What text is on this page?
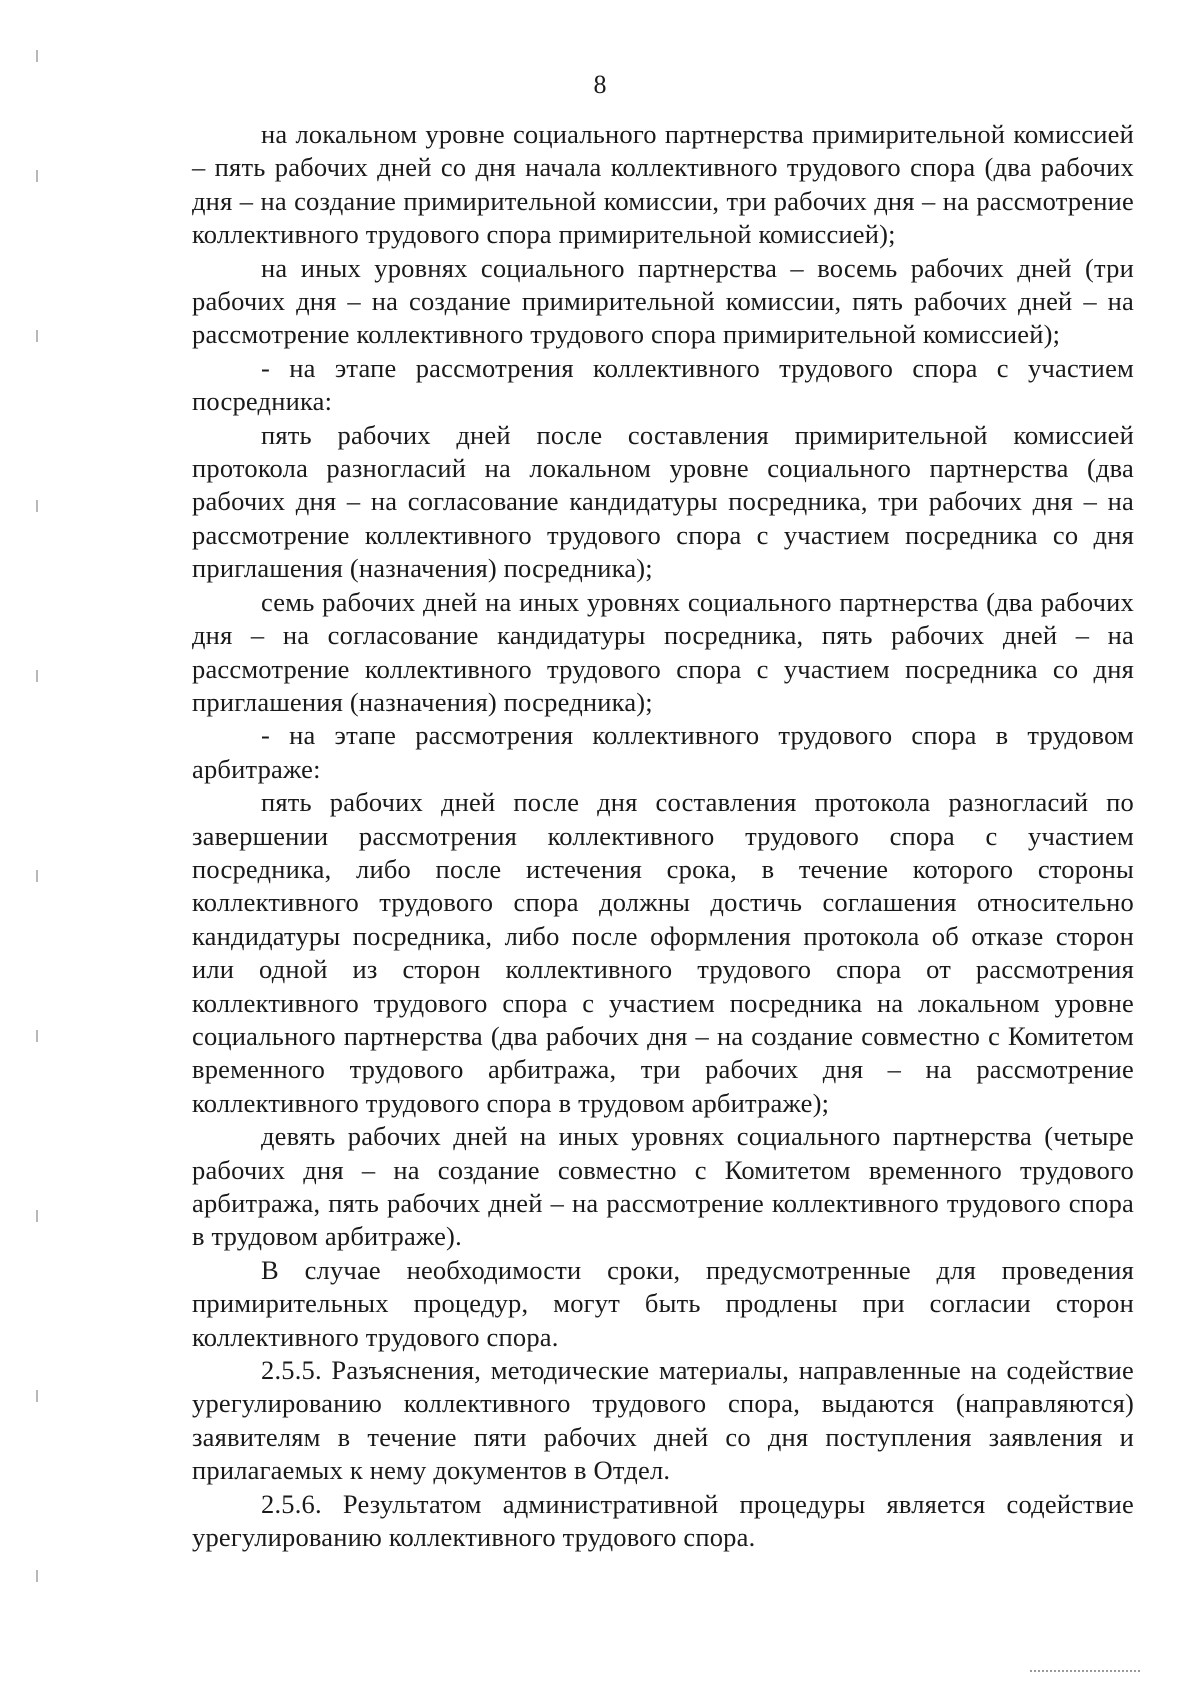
8

на локальном уровне социального партнерства примирительной комиссией – пять рабочих дней со дня начала коллективного трудового спора (два рабочих дня – на создание примирительной комиссии, три рабочих дня – на рассмотрение коллективного трудового спора примирительной комиссией);

на иных уровнях социального партнерства – восемь рабочих дней (три рабочих дня – на создание примирительной комиссии, пять рабочих дней – на рассмотрение коллективного трудового спора примирительной комиссией);

- на этапе рассмотрения коллективного трудового спора с участием посредника:

пять рабочих дней после составления примирительной комиссией протокола разногласий на локальном уровне социального партнерства (два рабочих дня – на согласование кандидатуры посредника, три рабочих дня – на рассмотрение коллективного трудового спора с участием посредника со дня приглашения (назначения) посредника);

семь рабочих дней на иных уровнях социального партнерства (два рабочих дня – на согласование кандидатуры посредника, пять рабочих дней – на рассмотрение коллективного трудового спора с участием посредника со дня приглашения (назначения) посредника);

- на этапе рассмотрения коллективного трудового спора в трудовом арбитраже:

пять рабочих дней после дня составления протокола разногласий по завершении рассмотрения коллективного трудового спора с участием посредника, либо после истечения срока, в течение которого стороны коллективного трудового спора должны достичь соглашения относительно кандидатуры посредника, либо после оформления протокола об отказе сторон или одной из сторон коллективного трудового спора от рассмотрения коллективного трудового спора с участием посредника на локальном уровне социального партнерства (два рабочих дня – на создание совместно с Комитетом временного трудового арбитража, три рабочих дня – на рассмотрение коллективного трудового спора в трудовом арбитраже);

девять рабочих дней на иных уровнях социального партнерства (четыре рабочих дня – на создание совместно с Комитетом временного трудового арбитража, пять рабочих дней – на рассмотрение коллективного трудового спора в трудовом арбитраже).

В случае необходимости сроки, предусмотренные для проведения примирительных процедур, могут быть продлены при согласии сторон коллективного трудового спора.

2.5.5. Разъяснения, методические материалы, направленные на содействие урегулированию коллективного трудового спора, выдаются (направляются) заявителям в течение пяти рабочих дней со дня поступления заявления и прилагаемых к нему документов в Отдел.

2.5.6. Результатом административной процедуры является содействие урегулированию коллективного трудового спора.
